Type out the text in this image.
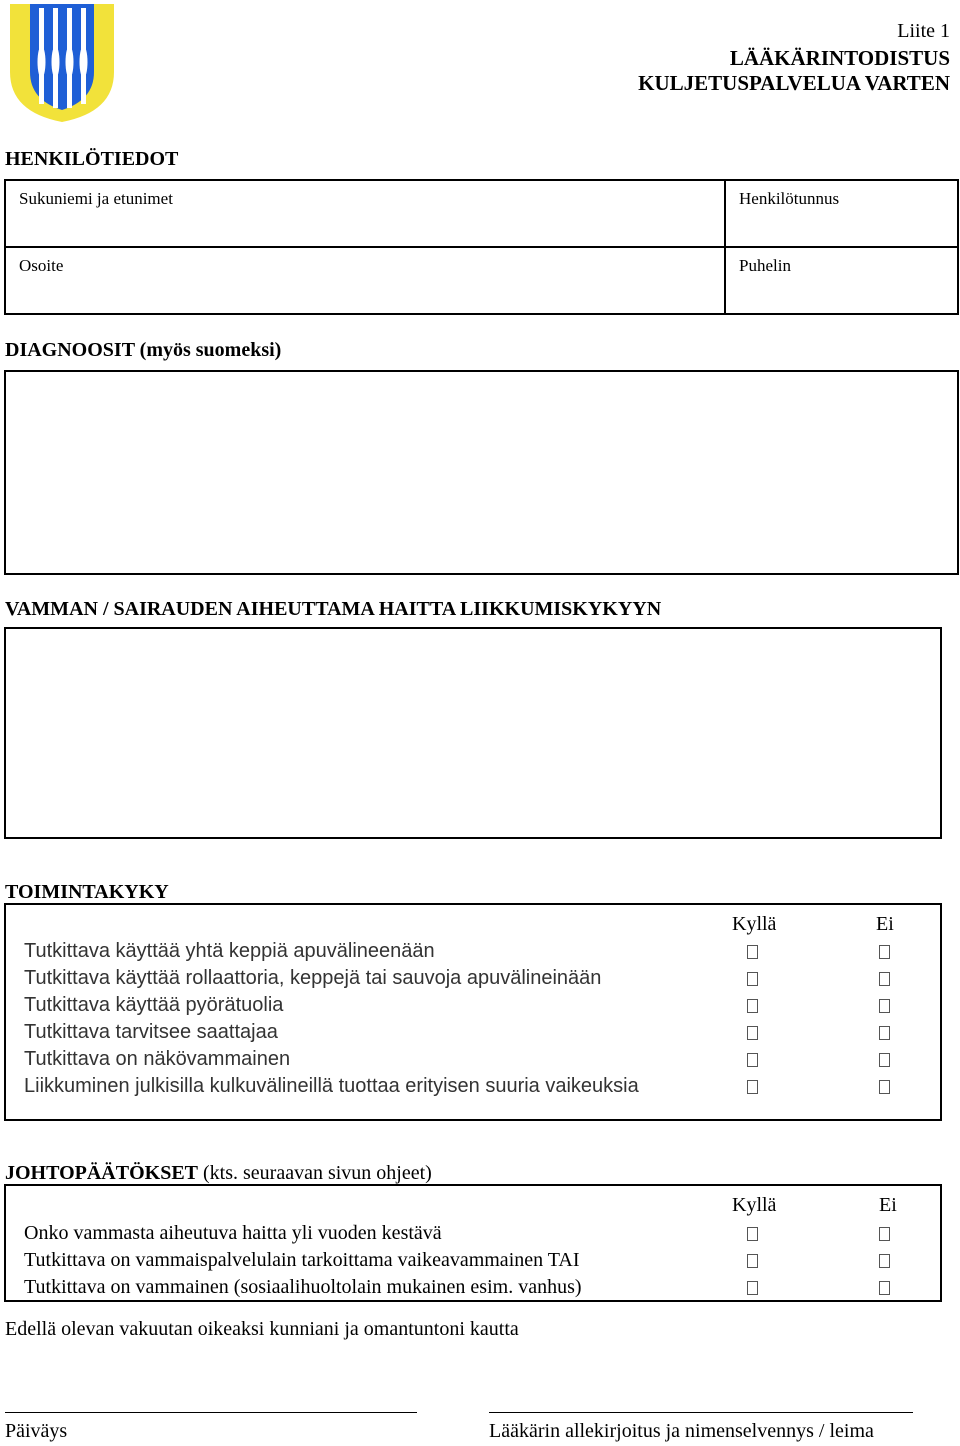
Liite 1
LÄÄKÄRINTODISTUS
KULJETUSPALVELUA VARTEN
HENKILÖTIEDOT
Sukuniemi ja etunimet	Henkilötunnus
Osoite	Puhelin
DIAGNOOSIT (myös suomeksi)
VAMMAN / SAIRAUDEN AIHEUTTAMA HAITTA LIIKKUMISKYKYYN
TOIMINTAKYKY
Kyllä	Ei
Tutkittava käyttää yhtä keppiä apuvälineenään
Tutkittava käyttää rollaattoria, keppejä tai sauvoja apuvälineinään
Tutkittava käyttää pyörätuolia
Tutkittava tarvitsee saattajaa
Tutkittava on näkövammainen
Liikkuminen julkisilla kulkuvälineillä tuottaa erityisen suuria vaikeuksia
JOHTOPÄÄTÖKSET (kts. seuraavan sivun ohjeet)
Kyllä	Ei
Onko vammasta aiheutuva haitta yli vuoden kestävä
Tutkittava on vammaispalvelulain tarkoittama vaikeavammainen TAI
Tutkittava on vammainen (sosiaalihuoltolain mukainen esim. vanhus)
Edellä olevan vakuutan oikeaksi kunniani ja omantuntoni kautta
Päiväys	Lääkärin allekirjoitus ja nimenselvennys / leima
